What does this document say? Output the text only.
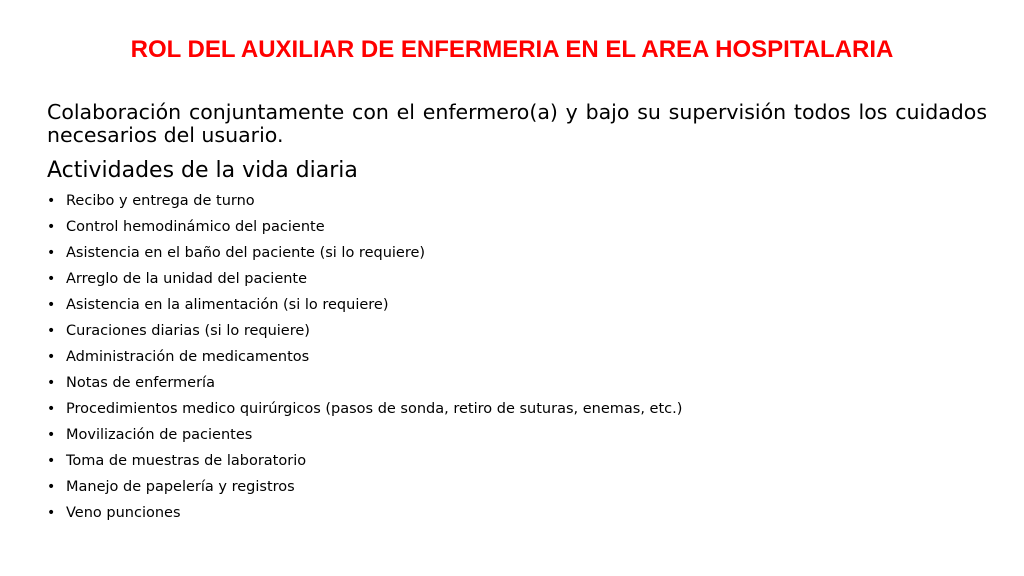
ROL DEL AUXILIAR DE ENFERMERIA EN EL AREA HOSPITALARIA

Colaboración conjuntamente con el enfermero(a) y bajo su supervisión todos los cuidados necesarios del usuario.

Actividades de la vida diaria

• Recibo y entrega de turno
• Control hemodinámico del paciente
• Asistencia en el baño del paciente (si lo requiere)
• Arreglo de la unidad del paciente
• Asistencia en la alimentación (si lo requiere)
• Curaciones diarias (si lo requiere)
• Administración de medicamentos
• Notas de enfermería
• Procedimientos medico quirúrgicos (pasos de sonda, retiro de suturas, enemas, etc.)
• Movilización de pacientes
• Toma de muestras de laboratorio
• Manejo de papelería y registros
• Veno punciones
